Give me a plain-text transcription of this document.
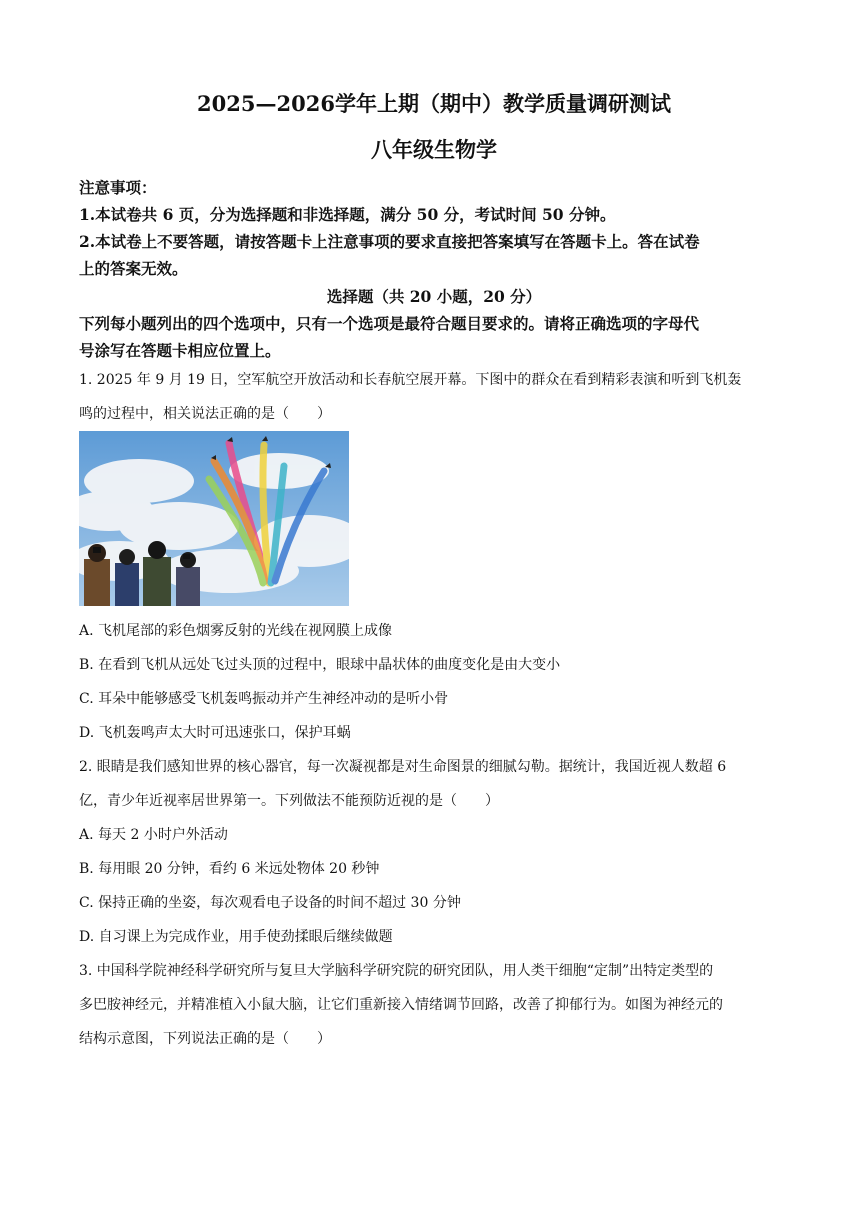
2025—2026学年上期（期中）教学质量调研测试
八年级生物学
注意事项：
1.本试卷共 6 页，分为选择题和非选择题，满分 50 分，考试时间 50 分钟。
2.本试卷上不要答题，请按答题卡上注意事项的要求直接把答案填写在答题卡上。答在试卷
上的答案无效。
选择题（共 20 小题，20 分）
下列每小题列出的四个选项中，只有一个选项是最符合题目要求的。请将正确选项的字母代
号涂写在答题卡相应位置上。
1. 2025 年 9 月 19 日，空军航空开放活动和长春航空展开幕。下图中的群众在看到精彩表演和听到飞机轰
鸣的过程中，相关说法正确的是（　　）
A. 飞机尾部的彩色烟雾反射的光线在视网膜上成像
B. 在看到飞机从远处飞过头顶的过程中，眼球中晶状体的曲度变化是由大变小
C. 耳朵中能够感受飞机轰鸣振动并产生神经冲动的是听小骨
D. 飞机轰鸣声太大时可迅速张口，保护耳蜗
2. 眼睛是我们感知世界的核心器官，每一次凝视都是对生命图景的细腻勾勒。据统计，我国近视人数超 6
亿，青少年近视率居世界第一。下列做法不能预防近视的是（　　）
A. 每天 2 小时户外活动
B. 每用眼 20 分钟，看约 6 米远处物体 20 秒钟
C. 保持正确的坐姿，每次观看电子设备的时间不超过 30 分钟
D. 自习课上为完成作业，用手使劲揉眼后继续做题
3. 中国科学院神经科学研究所与复旦大学脑科学研究院的研究团队，用人类干细胞“定制”出特定类型的
多巴胺神经元，并精准植入小鼠大脑，让它们重新接入情绪调节回路，改善了抑郁行为。如图为神经元的
结构示意图，下列说法正确的是（　　）
